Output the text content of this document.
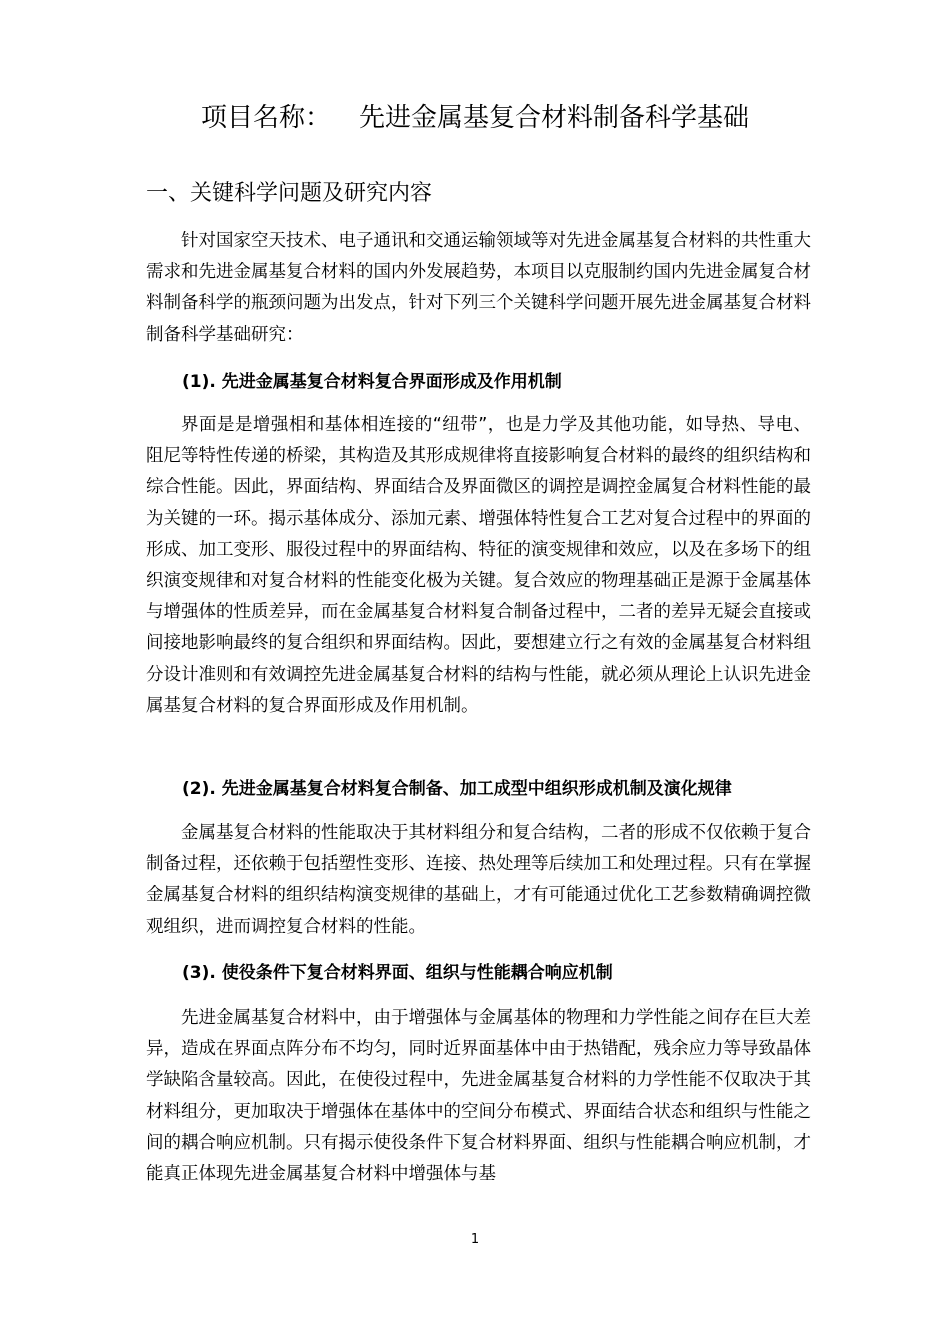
项目名称： 先进金属基复合材料制备科学基础
一、关键科学问题及研究内容

针对国家空天技术、电子通讯和交通运输领域等对先进金属基复合材料的共性重大需求和先进金属基复合材料的国内外发展趋势，本项目以克服制约国内先进金属复合材料制备科学的瓶颈问题为出发点，针对下列三个关键科学问题开展先进金属基复合材料制备科学基础研究：

(1). 先进金属基复合材料复合界面形成及作用机制

界面是是增强相和基体相连接的“纽带”，也是力学及其他功能，如导热、导电、阻尼等特性传递的桥梁，其构造及其形成规律将直接影响复合材料的最终的组织结构和综合性能。因此，界面结构、界面结合及界面微区的调控是调控金属复合材料性能的最为关键的一环。揭示基体成分、添加元素、增强体特性复合工艺对复合过程中的界面的形成、加工变形、服役过程中的界面结构、特征的演变规律和效应，以及在多场下的组织演变规律和对复合材料的性能变化极为关键。复合效应的物理基础正是源于金属基体与增强体的性质差异，而在金属基复合材料复合制备过程中，二者的差异无疑会直接或间接地影响最终的复合组织和界面结构。因此，要想建立行之有效的金属基复合材料组分设计准则和有效调控先进金属基复合材料的结构与性能，就必须从理论上认识先进金属基复合材料的复合界面形成及作用机制。

(2). 先进金属基复合材料复合制备、加工成型中组织形成机制及演化规律

金属基复合材料的性能取决于其材料组分和复合结构，二者的形成不仅依赖于复合制备过程，还依赖于包括塑性变形、连接、热处理等后续加工和处理过程。只有在掌握金属基复合材料的组织结构演变规律的基础上，才有可能通过优化工艺参数精确调控微观组织，进而调控复合材料的性能。

(3). 使役条件下复合材料界面、组织与性能耦合响应机制

先进金属基复合材料中，由于增强体与金属基体的物理和力学性能之间存在巨大差异，造成在界面点阵分布不均匀，同时近界面基体中由于热错配，残余应力等导致晶体学缺陷含量较高。因此，在使役过程中，先进金属基复合材料的力学性能不仅取决于其材料组分，更加取决于增强体在基体中的空间分布模式、界面结合状态和组织与性能之间的耦合响应机制。只有揭示使役条件下复合材料界面、组织与性能耦合响应机制，才能真正体现先进金属基复合材料中增强体与基

1
